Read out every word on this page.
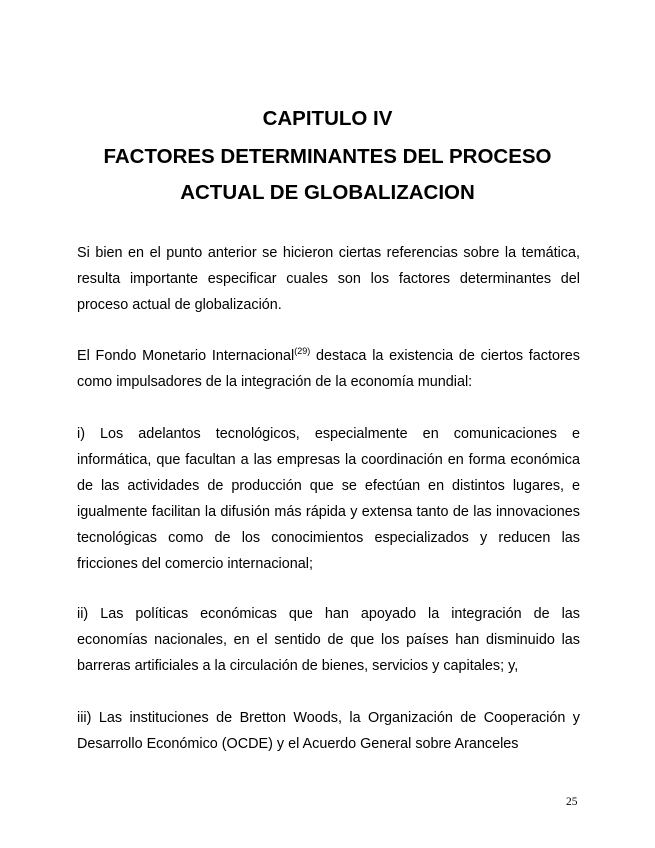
CAPITULO IV
FACTORES DETERMINANTES DEL PROCESO
ACTUAL DE GLOBALIZACION

Si bien en el punto anterior se hicieron ciertas referencias sobre la temática, resulta importante especificar cuales son los factores determinantes del proceso actual de globalización.

El Fondo Monetario Internacional$^{(29)}$ destaca la existencia de ciertos factores como impulsadores de la integración de la economía mundial:

i) Los adelantos tecnológicos, especialmente en comunicaciones e informática, que facultan a las empresas la coordinación en forma económica de las actividades de producción que se efectúan en distintos lugares, e igualmente facilitan la difusión más rápida y extensa tanto de las innovaciones tecnológicas como de los conocimientos especializados y reducen las fricciones del comercio internacional;

ii) Las políticas económicas que han apoyado la integración de las economías nacionales, en el sentido de que los países han disminuido las barreras artificiales a la circulación de bienes, servicios y capitales; y,

iii) Las instituciones de Bretton Woods, la Organización de Cooperación y Desarrollo Económico (OCDE) y el Acuerdo General sobre Aranceles

25
